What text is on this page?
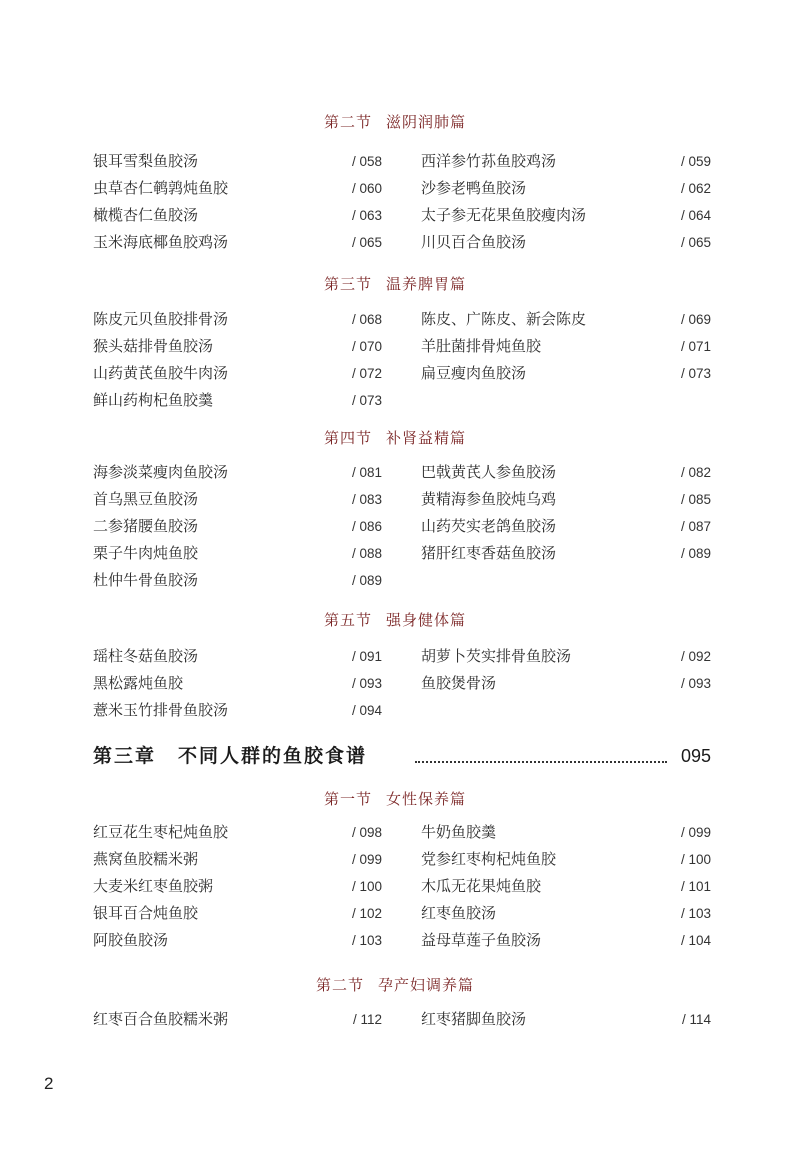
第二节 滋阴润肺篇
银耳雪梨鱼胶汤	/ 058	西洋参竹荪鱼胶鸡汤	/ 059
虫草杏仁鹌鹑炖鱼胶	/ 060	沙参老鸭鱼胶汤	/ 062
橄榄杏仁鱼胶汤	/ 063	太子参无花果鱼胶瘦肉汤	/ 064
玉米海底椰鱼胶鸡汤	/ 065	川贝百合鱼胶汤	/ 065
第三节 温养脾胃篇
陈皮元贝鱼胶排骨汤	/ 068	陈皮、广陈皮、新会陈皮	/ 069
猴头菇排骨鱼胶汤	/ 070	羊肚菌排骨炖鱼胶	/ 071
山药黄芪鱼胶牛肉汤	/ 072	扁豆瘦肉鱼胶汤	/ 073
鲜山药枸杞鱼胶羹	/ 073
第四节 补肾益精篇
海参淡菜瘦肉鱼胶汤	/ 081	巴戟黄芪人参鱼胶汤	/ 082
首乌黑豆鱼胶汤	/ 083	黄精海参鱼胶炖乌鸡	/ 085
二参猪腰鱼胶汤	/ 086	山药芡实老鸽鱼胶汤	/ 087
栗子牛肉炖鱼胶	/ 088	猪肝红枣香菇鱼胶汤	/ 089
杜仲牛骨鱼胶汤	/ 089
第五节 强身健体篇
瑶柱冬菇鱼胶汤	/ 091	胡萝卜芡实排骨鱼胶汤	/ 092
黑松露炖鱼胶	/ 093	鱼胶煲骨汤	/ 093
薏米玉竹排骨鱼胶汤	/ 094
第三章 不同人群的鱼胶食谱	095
第一节 女性保养篇
红豆花生枣杞炖鱼胶	/ 098	牛奶鱼胶羹	/ 099
燕窝鱼胶糯米粥	/ 099	党参红枣枸杞炖鱼胶	/ 100
大麦米红枣鱼胶粥	/ 100	木瓜无花果炖鱼胶	/ 101
银耳百合炖鱼胶	/ 102	红枣鱼胶汤	/ 103
阿胶鱼胶汤	/ 103	益母草莲子鱼胶汤	/ 104
第二节 孕产妇调养篇
红枣百合鱼胶糯米粥	/ 112	红枣猪脚鱼胶汤	/ 114
2
